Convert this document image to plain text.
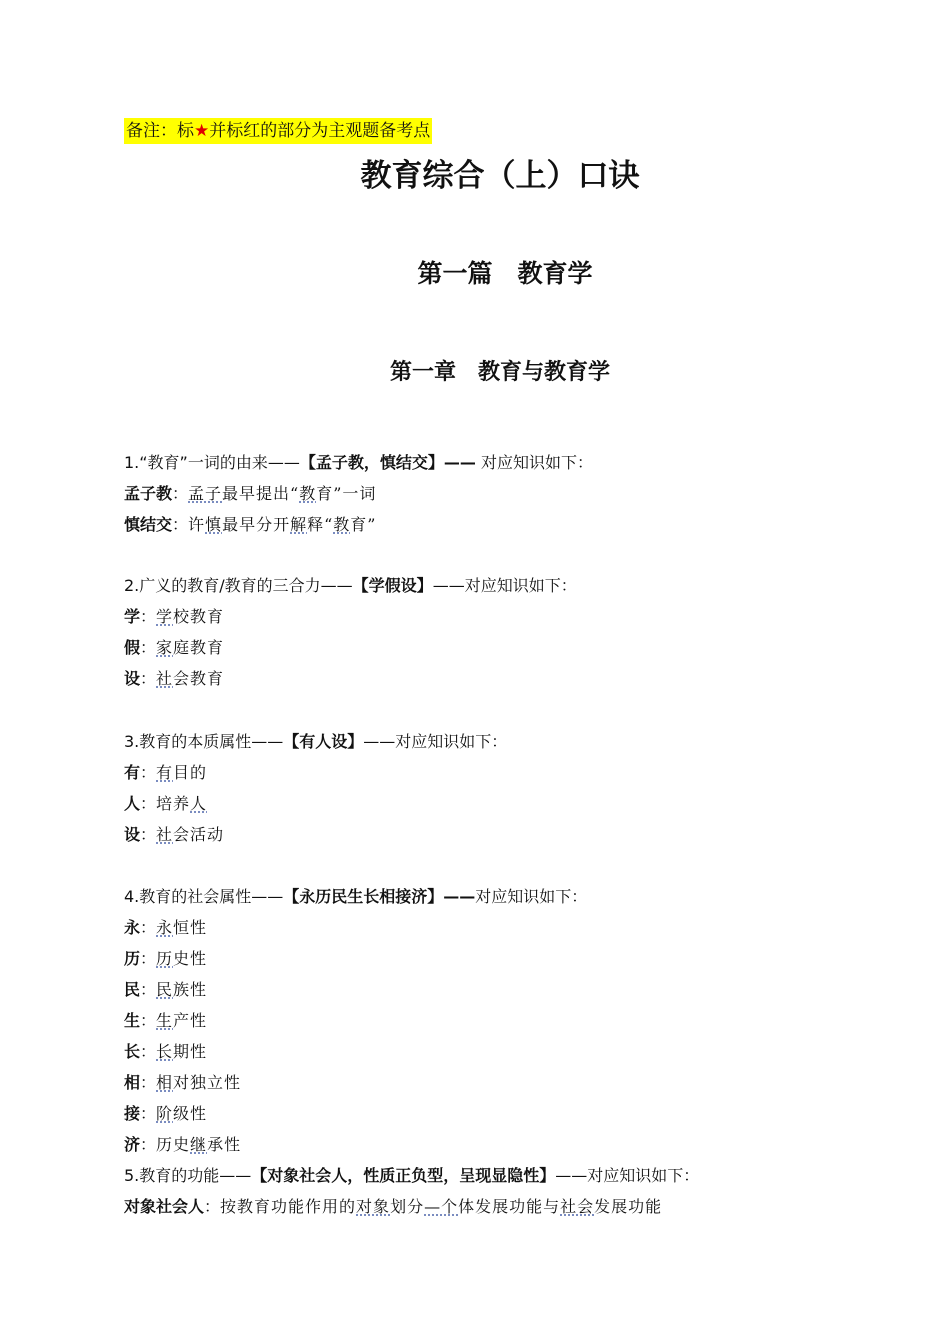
备注：标★并标红的部分为主观题备考点
教育综合（上）口诀
第一篇　教育学
第一章　教育与教育学
1.“教育”一词的由来——【孟子教，慎结交】—— 对应知识如下：
孟子教：孟子最早提出“教育”一词
慎结交：许慎最早分开解释“教育”
2.广义的教育/教育的三合力——【学假设】——对应知识如下：
学：学校教育
假：家庭教育
设：社会教育
3.教育的本质属性——【有人设】——对应知识如下：
有：有目的
人：培养人
设：社会活动
4.教育的社会属性——【永历民生长相接济】——对应知识如下：
永：永恒性
历：历史性
民：民族性
生：生产性
长：长期性
相：相对独立性
接：阶级性
济：历史继承性
5.教育的功能——【对象社会人，性质正负型，呈现显隐性】——对应知识如下：
对象社会人：按教育功能作用的对象划分—个体发展功能与社会发展功能
